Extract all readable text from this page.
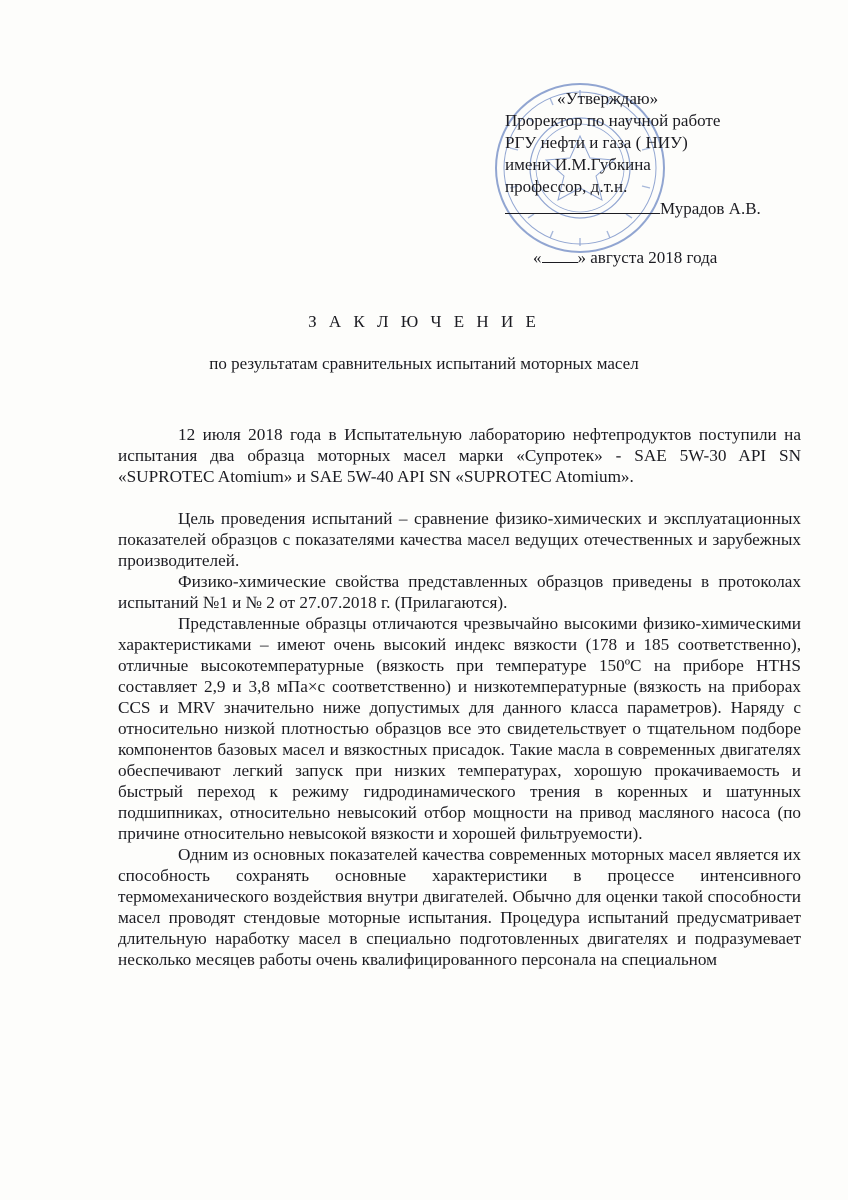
«Утверждаю»
Проректор по научной работе
РГУ нефти и газа ( НИУ)
имени И.М.Губкина
профессор, д.т.н.
Мурадов А.В.
« » августа 2018 года
З А К Л Ю Ч Е Н И Е
по результатам сравнительных испытаний моторных масел

12 июля 2018 года в Испытательную лабораторию нефтепродуктов поступили на испытания два образца моторных масел марки «Супротек» - SAE 5W-30 API SN «SUPROTEC Atomium» и SAE 5W-40 API SN «SUPROTEC Atomium».

Цель проведения испытаний – сравнение физико-химических и эксплуатационных показателей образцов с показателями качества масел ведущих отечественных и зарубежных производителей.

Физико-химические свойства представленных образцов приведены в протоколах испытаний №1 и № 2 от 27.07.2018 г. (Прилагаются).

Представленные образцы отличаются чрезвычайно высокими физико-химическими характеристиками – имеют очень высокий индекс вязкости (178 и 185 соответственно), отличные высокотемпературные (вязкость при температуре 150ºС на приборе HTHS составляет 2,9 и 3,8 мПа×с соответственно) и низкотемпературные (вязкость на приборах CCS и MRV значительно ниже допустимых для данного класса параметров). Наряду с относительно низкой плотностью образцов все это свидетельствует о тщательном подборе компонентов базовых масел и вязкостных присадок. Такие масла в современных двигателях обеспечивают легкий запуск при низких температурах, хорошую прокачиваемость и быстрый переход к режиму гидродинамического трения в коренных и шатунных подшипниках, относительно невысокий отбор мощности на привод масляного насоса (по причине относительно невысокой вязкости и хорошей фильтруемости).

Одним из основных показателей качества современных моторных масел является их способность сохранять основные характеристики в процессе интенсивного термомеханического воздействия внутри двигателей. Обычно для оценки такой способности масел проводят стендовые моторные испытания. Процедура испытаний предусматривает длительную наработку масел в специально подготовленных двигателях и подразумевает несколько месяцев работы очень квалифицированного персонала на специальном
